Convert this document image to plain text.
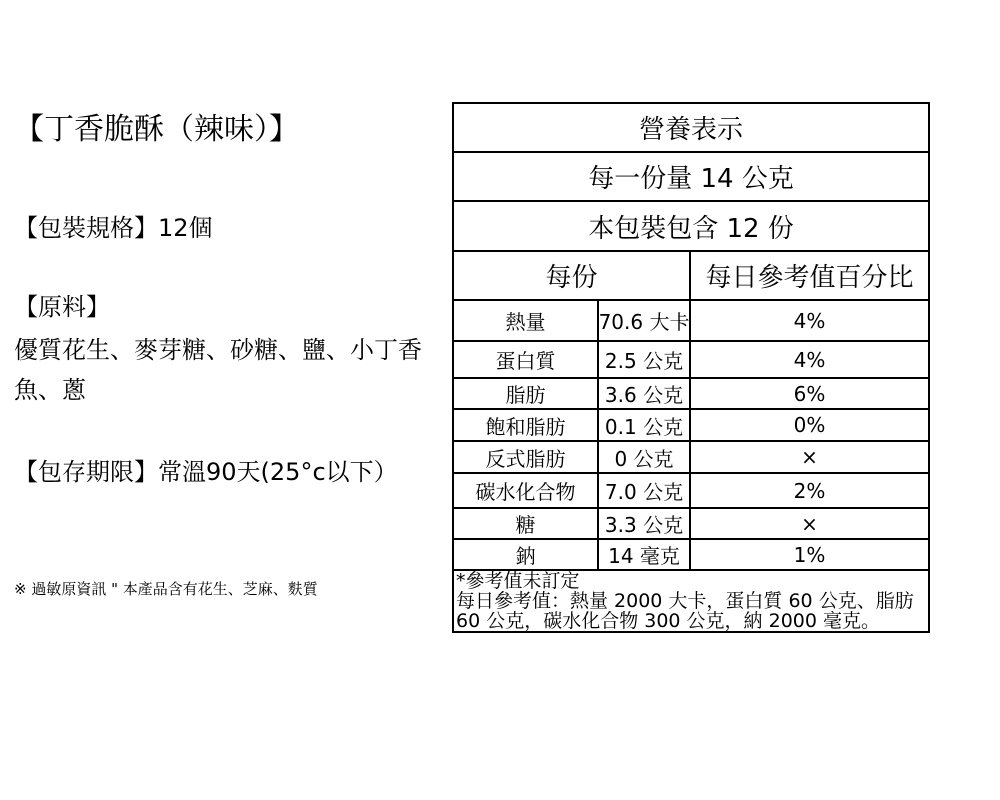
【丁香脆酥（辣味）】
【包裝規格】12個
【原料】
優質花生、麥芽糖、砂糖、鹽、小丁香
魚、蔥
【包存期限】常溫90天(25°c以下）
※ 過敏原資訊 " 本產品含有花生、芝麻、麩質
營養表示
每一份量 14 公克
本包裝包含 12 份
每份	每日參考值百分比
熱量	70.6 大卡	4%
蛋白質	2.5 公克	4%
脂肪	3.6 公克	6%
飽和脂肪	0.1 公克	0%
反式脂肪	0 公克	×
碳水化合物	7.0 公克	2%
糖	3.3 公克	×
鈉	14 毫克	1%
*參考值未訂定
每日參考值：熱量 2000 大卡，蛋白質 60 公克、脂肪
60 公克，碳水化合物 300 公克，納 2000 毫克。
